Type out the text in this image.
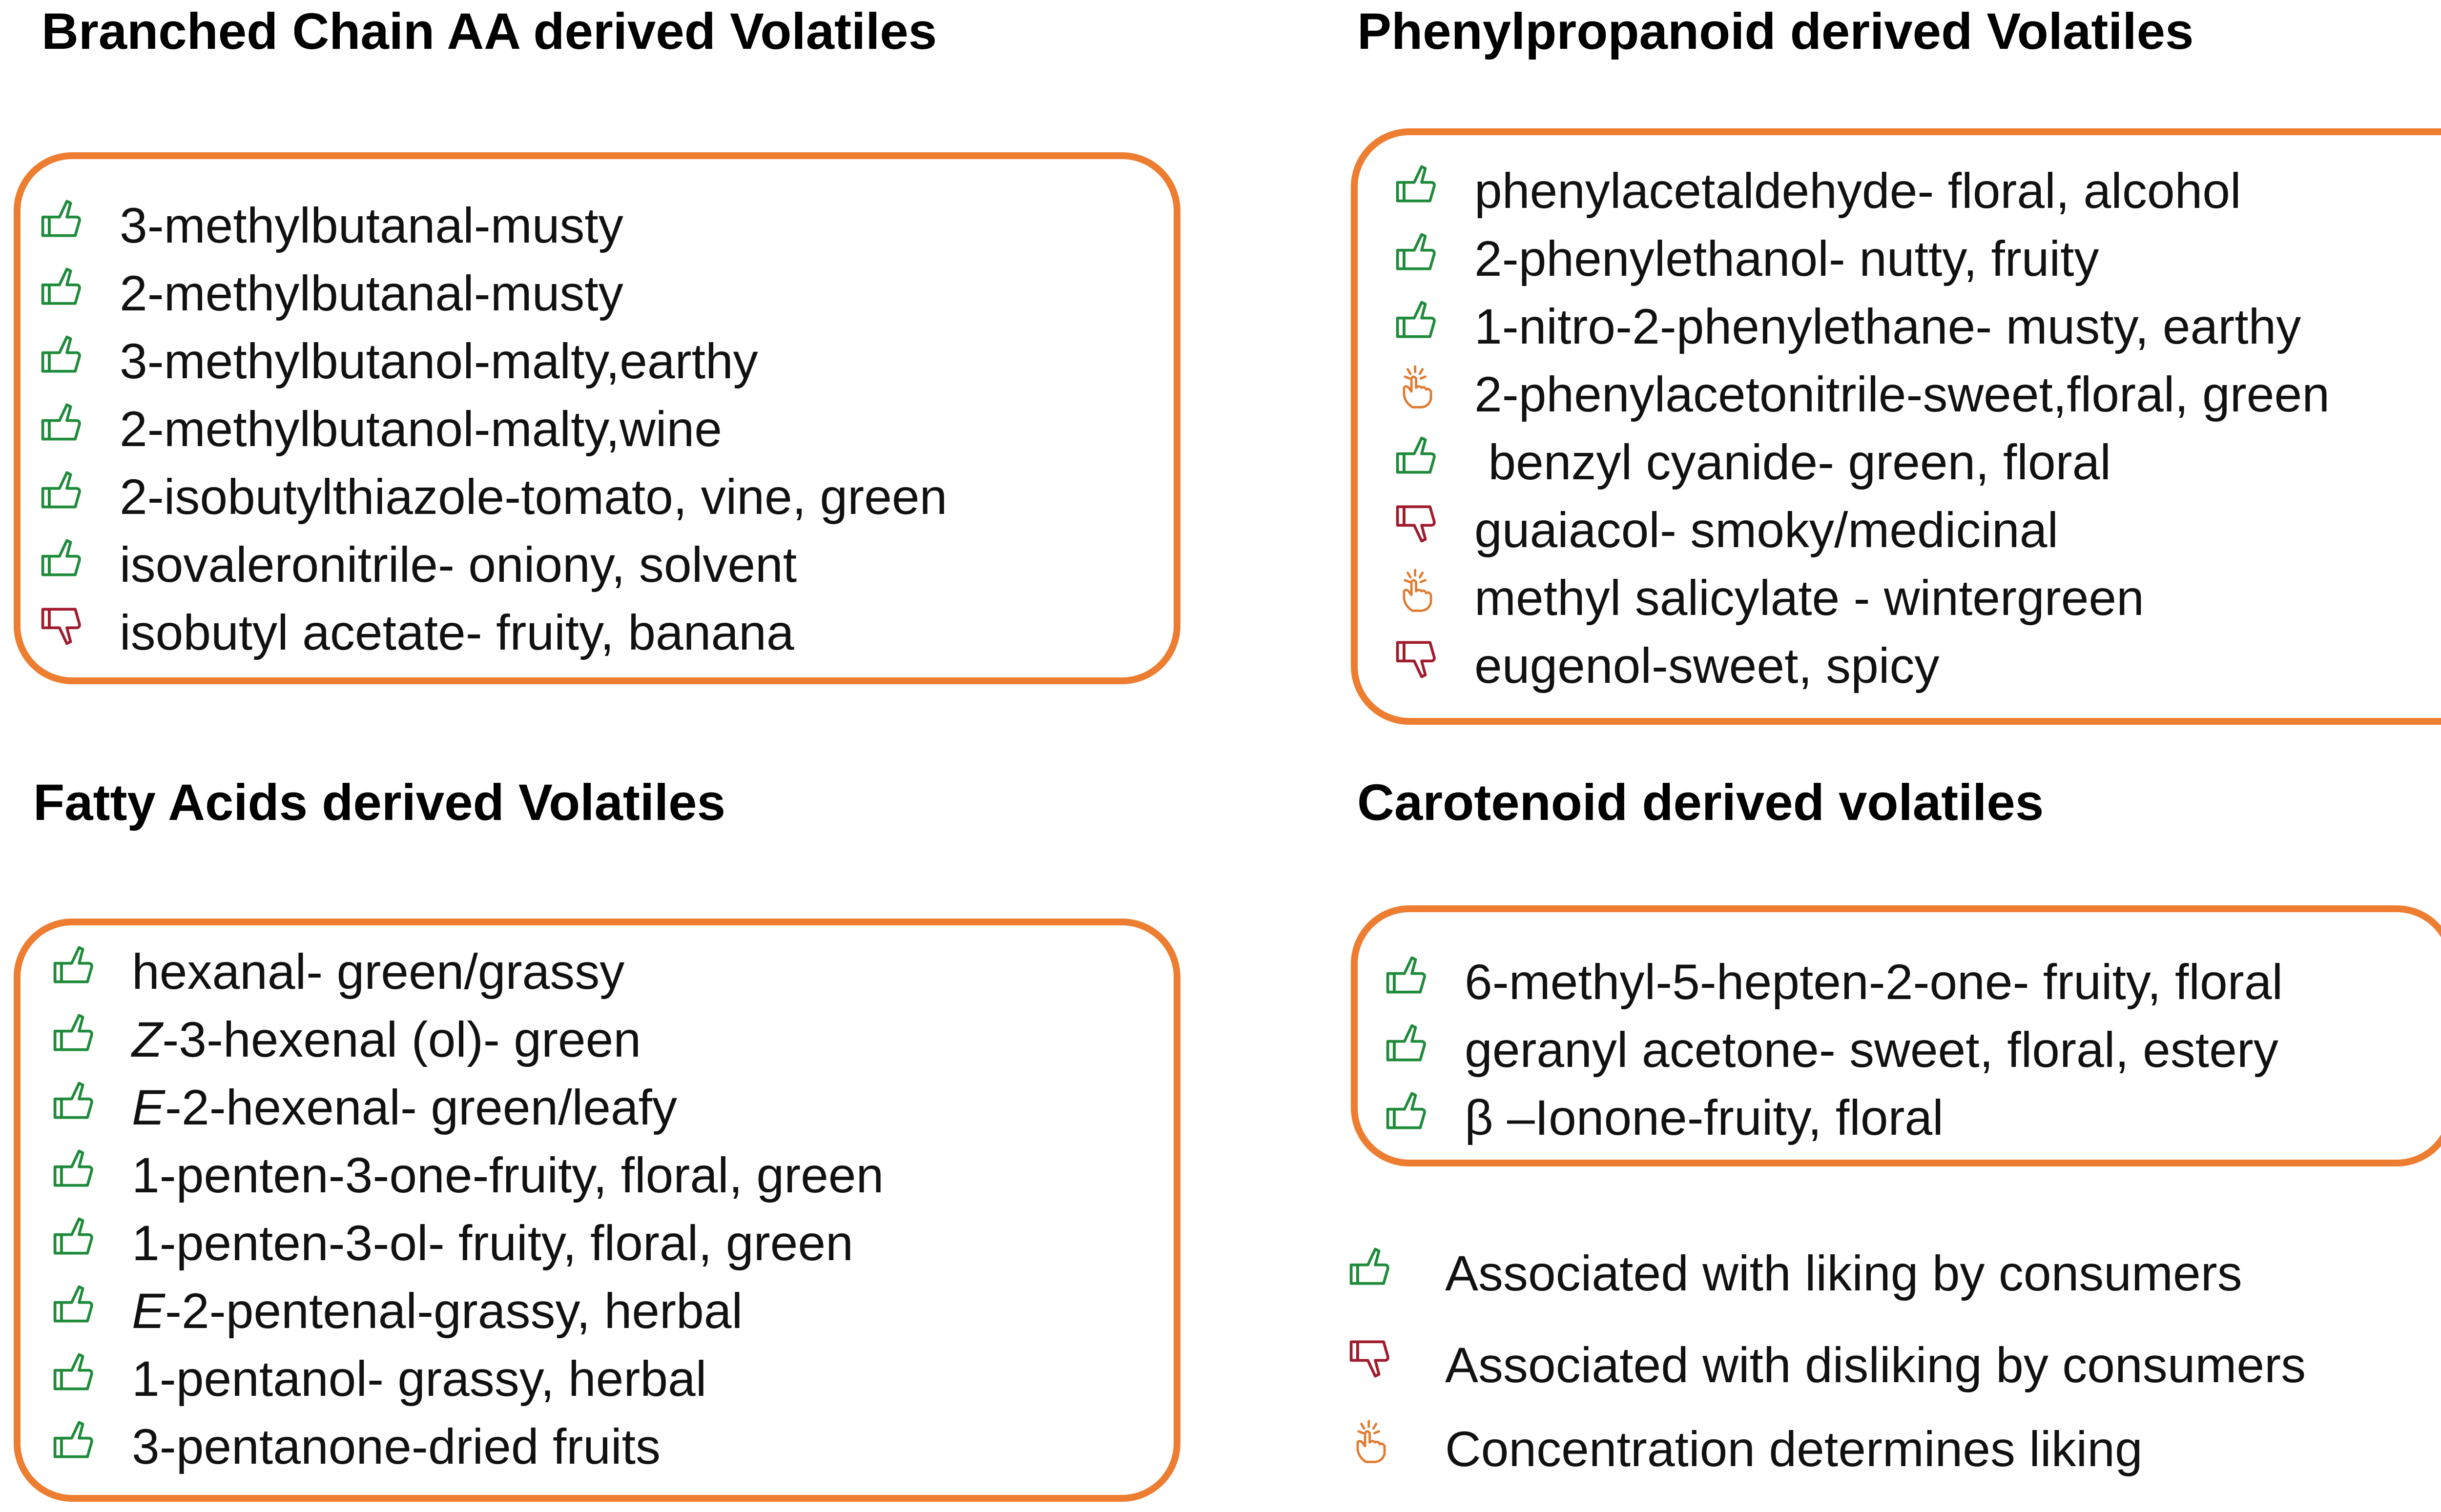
Branched Chain AA derived Volatiles
3-methylbutanal-musty
2-methylbutanal-musty
3-methylbutanol-malty,earthy
2-methylbutanol-malty,wine
2-isobutylthiazole-tomato, vine, green
isovaleronitrile- oniony, solvent
isobutyl acetate- fruity, banana
Phenylpropanoid derived Volatiles
phenylacetaldehyde- floral, alcohol
2-phenylethanol- nutty, fruity
1-nitro-2-phenylethane- musty, earthy
2-phenylacetonitrile-sweet,floral, green
benzyl cyanide- green, floral
guaiacol- smoky/medicinal
methyl salicylate - wintergreen
eugenol-sweet, spicy
Fatty Acids derived Volatiles
hexanal- green/grassy
Z-3-hexenal (ol)- green
E-2-hexenal- green/leafy
1-penten-3-one-fruity, floral, green
1-penten-3-ol- fruity, floral, green
E-2-pentenal-grassy, herbal
1-pentanol- grassy, herbal
3-pentanone-dried fruits
Carotenoid derived volatiles
6-methyl-5-hepten-2-one- fruity, floral
geranyl acetone- sweet, floral, estery
β –Ionone-fruity, floral
Associated with liking by consumers
Associated with disliking by consumers
Concentration determines liking
